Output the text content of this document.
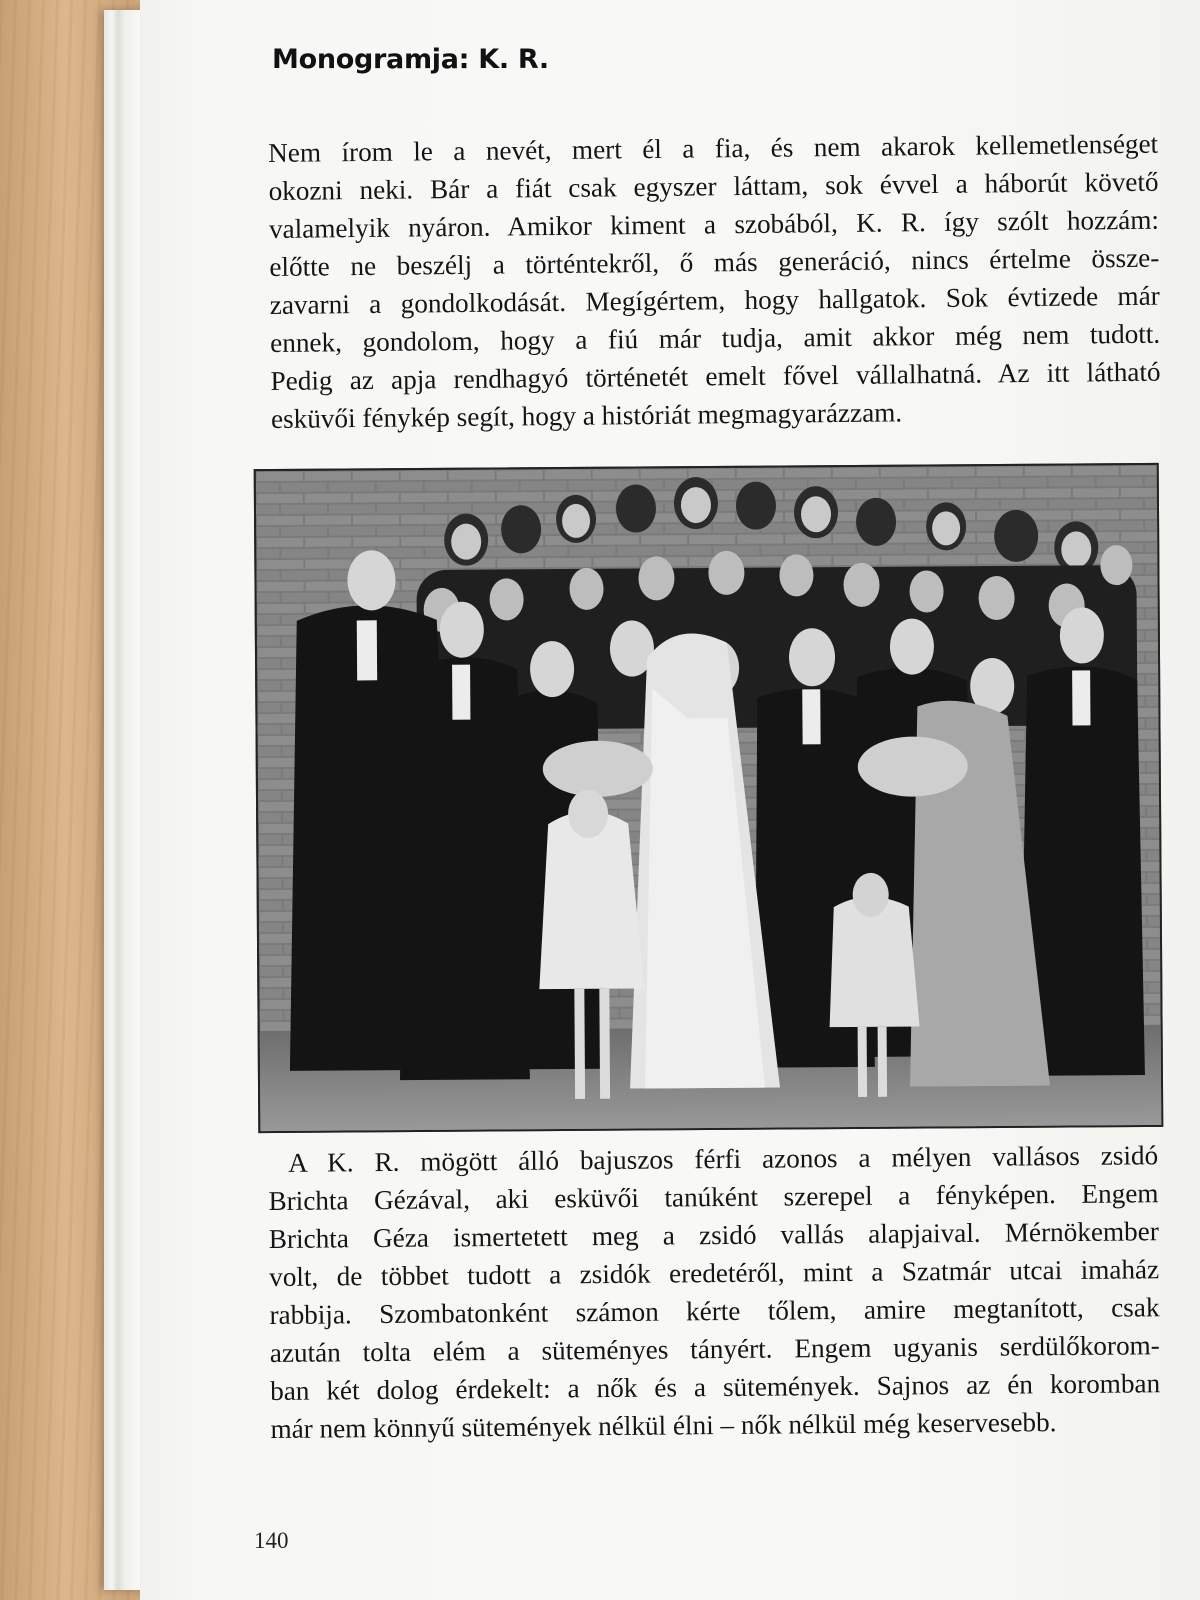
Monogramja: K. R.
Nem írom le a nevét, mert él a fia, és nem akarok kellemetlenséget
okozni neki. Bár a fiát csak egyszer láttam, sok évvel a háborút követő
valamelyik nyáron. Amikor kiment a szobából, K. R. így szólt hozzám:
előtte ne beszélj a történtekről, ő más generáció, nincs értelme össze-
zavarni a gondolkodását. Megígértem, hogy hallgatok. Sok évtizede már
ennek, gondolom, hogy a fiú már tudja, amit akkor még nem tudott.
Pedig az apja rendhagyó történetét emelt fővel vállalhatná. Az itt látható
esküvői fénykép segít, hogy a históriát megmagyarázzam.
A K. R. mögött álló bajuszos férfi azonos a mélyen vallásos zsidó
Brichta Gézával, aki esküvői tanúként szerepel a fényképen. Engem
Brichta Géza ismertetett meg a zsidó vallás alapjaival. Mérnökember
volt, de többet tudott a zsidók eredetéről, mint a Szatmár utcai imaház
rabbija. Szombatonként számon kérte tőlem, amire megtanított, csak
azután tolta elém a süteményes tányért. Engem ugyanis serdülőkorom-
ban két dolog érdekelt: a nők és a sütemények. Sajnos az én koromban
már nem könnyű sütemények nélkül élni – nők nélkül még keservesebb.
140
